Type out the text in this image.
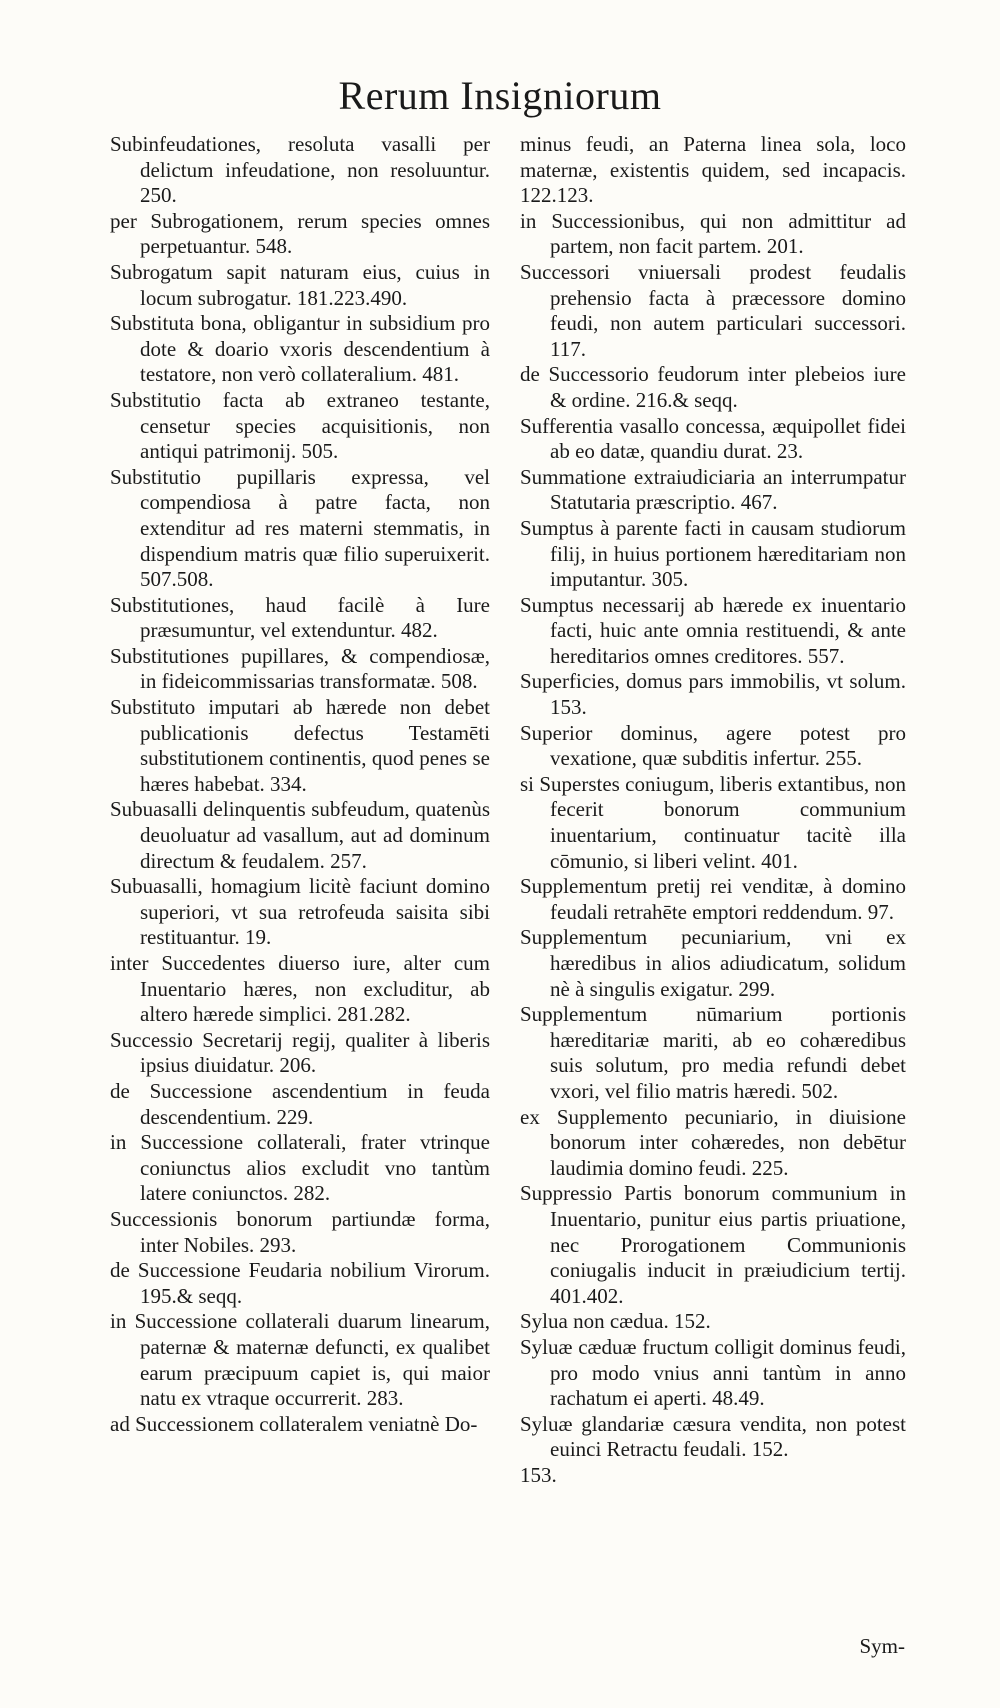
Rerum Insigniorum

Subinfeudationes, resoluta vasalli per delictum infeudatione, non resoluuntur. 250.

per Subrogationem, rerum species omnes perpetuantur. 548.

Subrogatum sapit naturam eius, cuius in locum subrogatur. 181.223.490.

Substituta bona, obligantur in subsidium pro dote & doario vxoris descendentium à testatore, non verò collateralium. 481.

Substitutio facta ab extraneo testante, censetur species acquisitionis, non antiqui patrimonij. 505.

Substitutio pupillaris expressa, vel compendiosa à patre facta, non extenditur ad res materni stemmatis, in dispendium matris quæ filio superuixerit. 507.508.

Substitutiones, haud facilè à Iure præsumuntur, vel extenduntur. 482.

Substitutiones pupillares, & compendiosæ, in fideicommissarias transformatæ. 508.

Substituto imputari ab hærede non debet publicationis defectus Testamēti substitutionem continentis, quod penes se hæres habebat. 334.

Subuasalli delinquentis subfeudum, quatenùs deuoluatur ad vasallum, aut ad dominum directum & feudalem. 257.

Subuasalli, homagium licitè faciunt domino superiori, vt sua retrofeuda saisita sibi restituantur. 19.

inter Succedentes diuerso iure, alter cum Inuentario hæres, non excluditur, ab altero hærede simplici. 281.282.

Successio Secretarij regij, qualiter à liberis ipsius diuidatur. 206.

de Successione ascendentium in feuda descendentium. 229.

in Successione collaterali, frater vtrinque coniunctus alios excludit vno tantùm latere coniunctos. 282.

Successionis bonorum partiundæ forma, inter Nobiles. 293.

de Successione Feudaria nobilium Virorum. 195.& seqq.

in Successione collaterali duarum linearum, paternæ & maternæ defuncti, ex qualibet earum præcipuum capiet is, qui maior natu ex vtraque occurrerit. 283.

ad Successionem collateralem veniatnè Do-

minus feudi, an Paterna linea sola, loco maternæ, existentis quidem, sed incapacis. 122.123.

in Successionibus, qui non admittitur ad partem, non facit partem. 201.

Successori vniuersali prodest feudalis prehensio facta à præcessore domino feudi, non autem particulari successori. 117.

de Successorio feudorum inter plebeios iure & ordine. 216.& seqq.

Sufferentia vasallo concessa, æquipollet fidei ab eo datæ, quandiu durat. 23.

Summatione extraiudiciaria an interrumpatur Statutaria præscriptio. 467.

Sumptus à parente facti in causam studiorum filij, in huius portionem hæreditariam non imputantur. 305.

Sumptus necessarij ab hærede ex inuentario facti, huic ante omnia restituendi, & ante hereditarios omnes creditores. 557.

Superficies, domus pars immobilis, vt solum. 153.

Superior dominus, agere potest pro vexatione, quæ subditis infertur. 255.

si Superstes coniugum, liberis extantibus, non fecerit bonorum communium inuentarium, continuatur tacitè illa cōmunio, si liberi velint. 401.

Supplementum pretij rei venditæ, à domino feudali retrahēte emptori reddendum. 97.

Supplementum pecuniarium, vni ex hæredibus in alios adiudicatum, solidum nè à singulis exigatur. 299.

Supplementum nūmarium portionis hæreditariæ mariti, ab eo cohæredibus suis solutum, pro media refundi debet vxori, vel filio matris hæredi. 502.

ex Supplemento pecuniario, in diuisione bonorum inter cohæredes, non debētur laudimia domino feudi. 225.

Suppressio Partis bonorum communium in Inuentario, punitur eius partis priuatione, nec Prorogationem Communionis coniugalis inducit in præiudicium tertij. 401.402.

Sylua non cædua. 152.

Syluæ cæduæ fructum colligit dominus feudi, pro modo vnius anni tantùm in anno rachatum ei aperti. 48.49.

Syluæ glandariæ cæsura vendita, non potest euinci Retractu feudali. 152.

153.

Sym-
